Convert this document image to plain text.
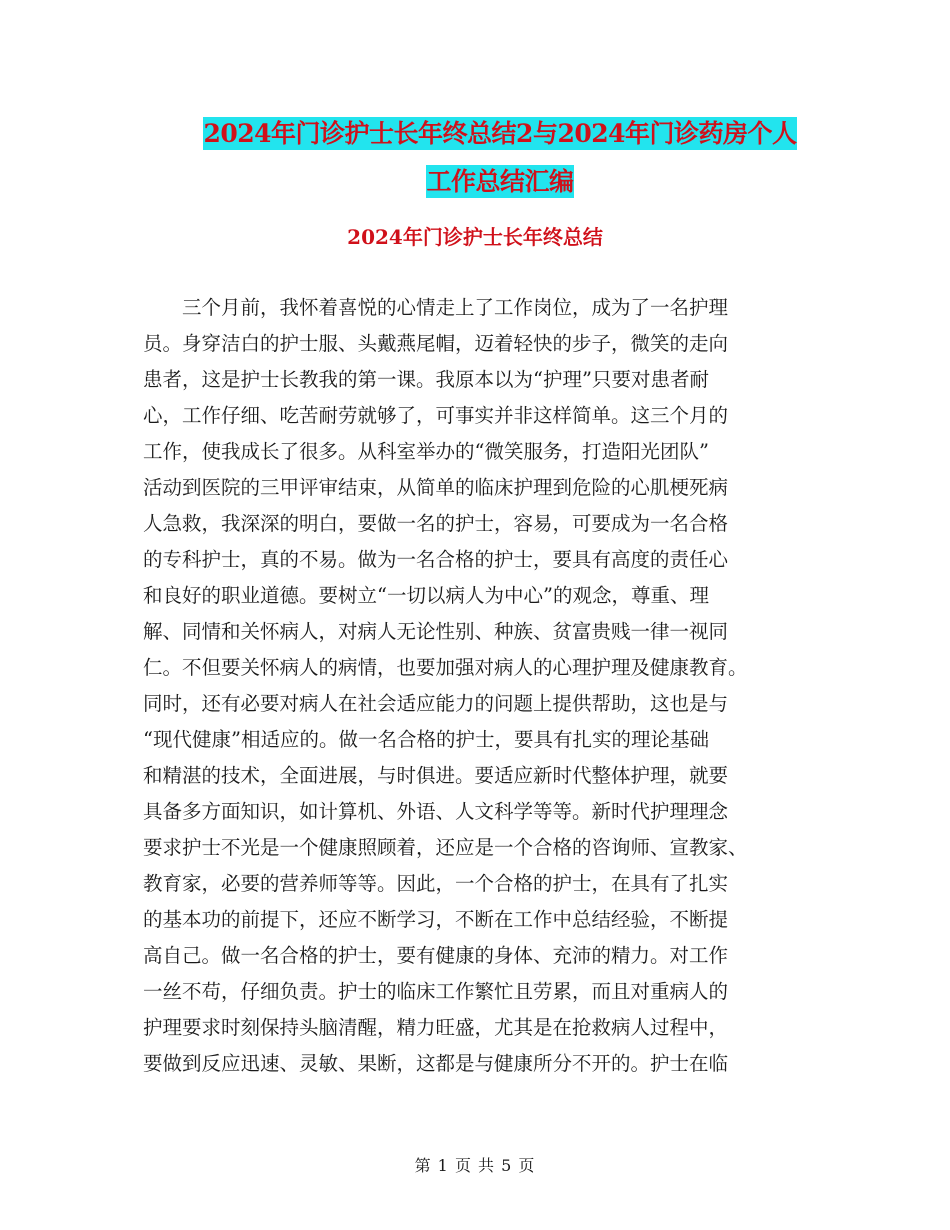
2024年门诊护士长年终总结2与2024年门诊药房个人
工作总结汇编
2024年门诊护士长年终总结
　　三个月前，我怀着喜悦的心情走上了工作岗位，成为了一名护理
员。身穿洁白的护士服、头戴燕尾帽，迈着轻快的步子，微笑的走向
患者，这是护士长教我的第一课。我原本以为“护理”只要对患者耐
心，工作仔细、吃苦耐劳就够了，可事实并非这样简单。这三个月的
工作，使我成长了很多。从科室举办的“微笑服务，打造阳光团队”
活动到医院的三甲评审结束，从简单的临床护理到危险的心肌梗死病
人急救，我深深的明白，要做一名的护士，容易，可要成为一名合格
的专科护士，真的不易。做为一名合格的护士，要具有高度的责任心
和良好的职业道德。要树立“一切以病人为中心”的观念，尊重、理
解、同情和关怀病人，对病人无论性别、种族、贫富贵贱一律一视同
仁。不但要关怀病人的病情，也要加强对病人的心理护理及健康教育。
同时，还有必要对病人在社会适应能力的问题上提供帮助，这也是与
“现代健康”相适应的。做一名合格的护士，要具有扎实的理论基础
和精湛的技术，全面进展，与时俱进。要适应新时代整体护理，就要
具备多方面知识，如计算机、外语、人文科学等等。新时代护理理念
要求护士不光是一个健康照顾着，还应是一个合格的咨询师、宣教家、
教育家，必要的营养师等等。因此，一个合格的护士，在具有了扎实
的基本功的前提下，还应不断学习，不断在工作中总结经验，不断提
高自己。做一名合格的护士，要有健康的身体、充沛的精力。对工作
一丝不苟，仔细负责。护士的临床工作繁忙且劳累，而且对重病人的
护理要求时刻保持头脑清醒，精力旺盛，尤其是在抢救病人过程中，
要做到反应迅速、灵敏、果断，这都是与健康所分不开的。护士在临
第 1 页 共 5 页
